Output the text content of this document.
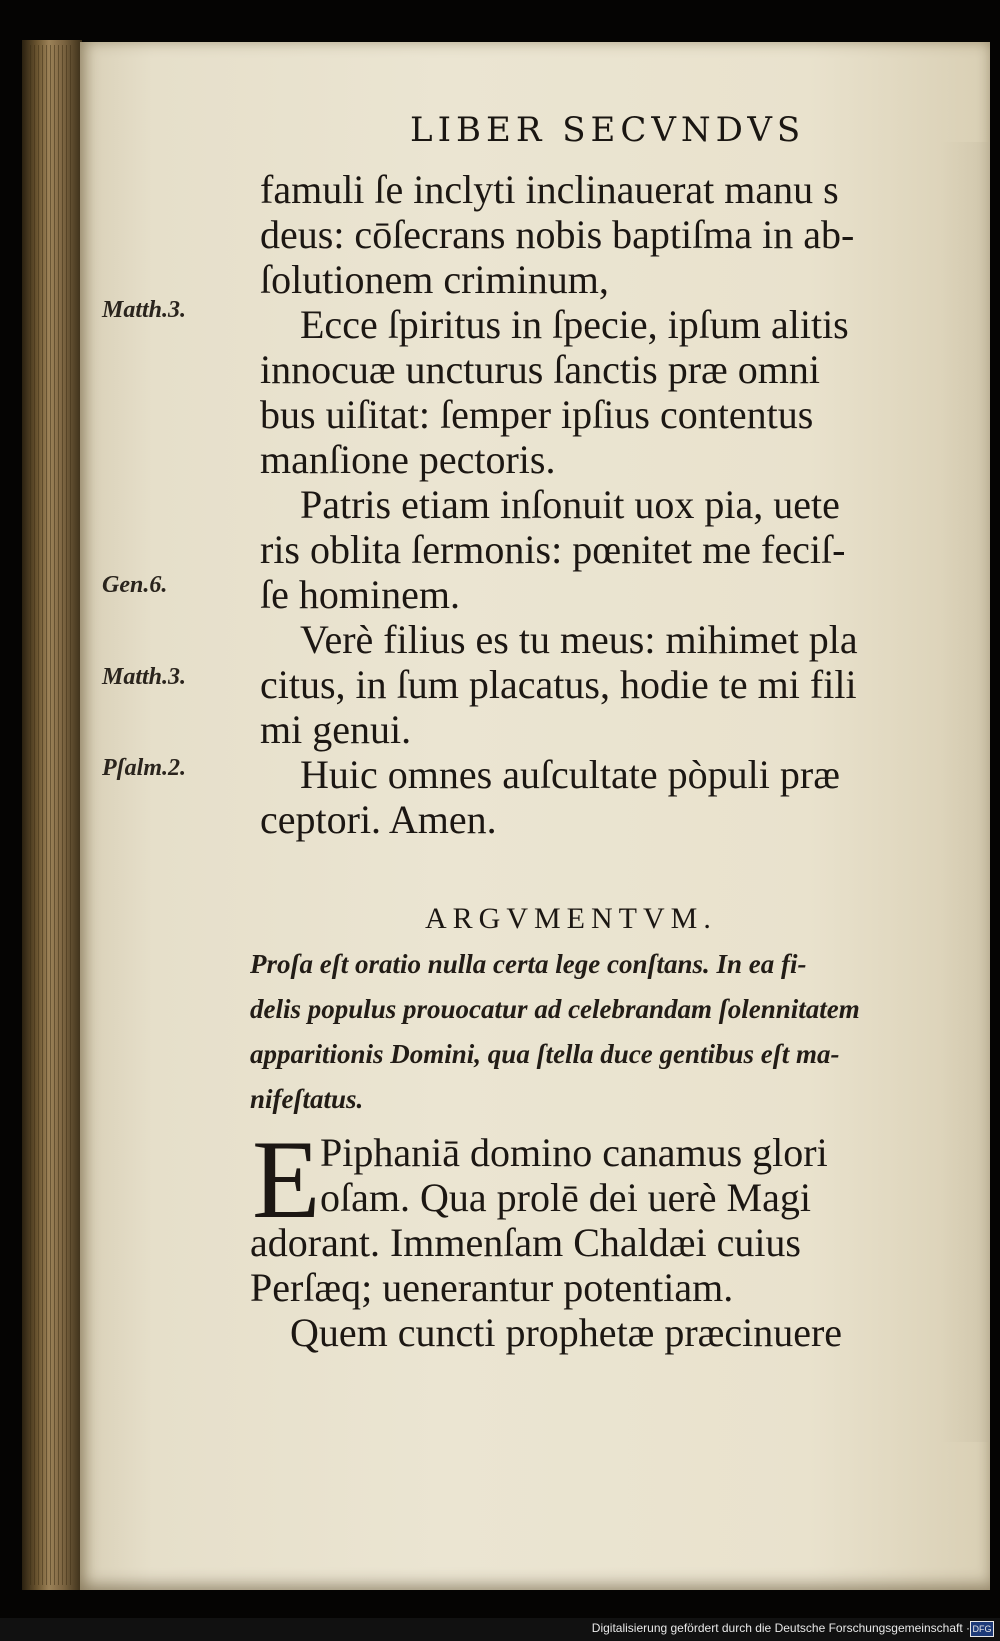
LIBER SECVNDVS
famuli ſe inclyti inclinauerat manu s
deus: cōſecrans nobis baptiſma in ab-
ſolutionem criminum,
Ecce ſpiritus in ſpecie, ipſum alitis
innocuæ uncturus ſanctis præ omni
bus uiſitat: ſemper ipſius contentus
manſione pectoris.
Patris etiam inſonuit uox pia, uete
ris oblita ſermonis: pœnitet me feciſ-
ſe hominem.
Verè filius es tu meus: mihimet pla
citus, in ſum placatus, hodie te mi fili
mi genui.
Huic omnes auſcultate pòpuli præ
ceptori. Amen.
Matth.3.
Gen.6.
Matth.3.
Pſalm.2.
ARGVMENTVM.
Proſa eſt oratio nulla certa lege conſtans. In ea fi-
delis populus prouocatur ad celebrandam ſolennitatem
apparitionis Domini, qua ſtella duce gentibus eſt ma-
nifeſtatus.
E Piphaniā domino canamus glori
oſam. Qua prolē dei uerè Magi
adorant. Immenſam Chaldæi cuius
Perſæq; uenerantur potentiam.
Quem cuncti prophetæ præcinuere
Digitalisierung gefördert durch die Deutsche Forschungsgemeinschaft · DFG
